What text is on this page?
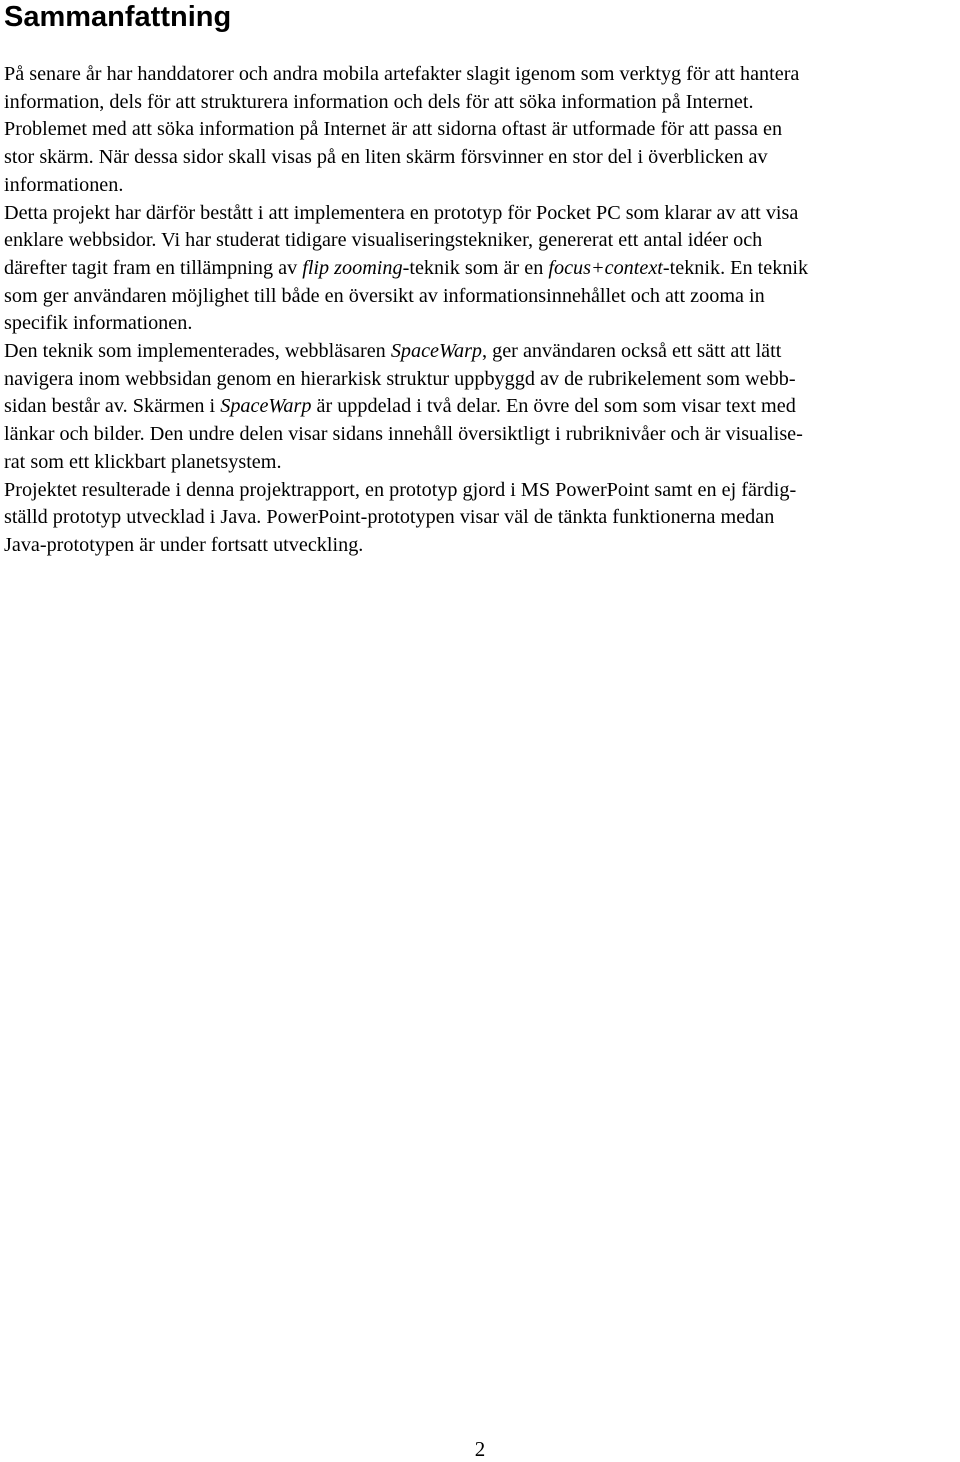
Sammanfattning

På senare år har handdatorer och andra mobila artefakter slagit igenom som verktyg för att hantera
information, dels för att strukturera information och dels för att söka information på Internet.
Problemet med att söka information på Internet är att sidorna oftast är utformade för att passa en
stor skärm. När dessa sidor skall visas på en liten skärm försvinner en stor del i överblicken av
informationen.

Detta projekt har därför bestått i att implementera en prototyp för Pocket PC som klarar av att visa
enklare webbsidor. Vi har studerat tidigare visualiseringstekniker, genererat ett antal idéer och
därefter tagit fram en tillämpning av flip zooming-teknik som är en focus+context-teknik. En teknik
som ger användaren möjlighet till både en översikt av informationsinnehållet och att zooma in
specifik informationen.

Den teknik som implementerades, webbläsaren SpaceWarp, ger användaren också ett sätt att lätt
navigera inom webbsidan genom en hierarkisk struktur uppbyggd av de rubrikelement som webb-
sidan består av. Skärmen i SpaceWarp är uppdelad i två delar. En övre del som som visar text med
länkar och bilder. Den undre delen visar sidans innehåll översiktligt i rubriknivåer och är visualise-
rat som ett klickbart planetsystem.

Projektet resulterade i denna projektrapport, en prototyp gjord i MS PowerPoint samt en ej färdig-
ställd prototyp utvecklad i Java. PowerPoint-prototypen visar väl de tänkta funktionerna medan
Java-prototypen är under fortsatt utveckling.

2
